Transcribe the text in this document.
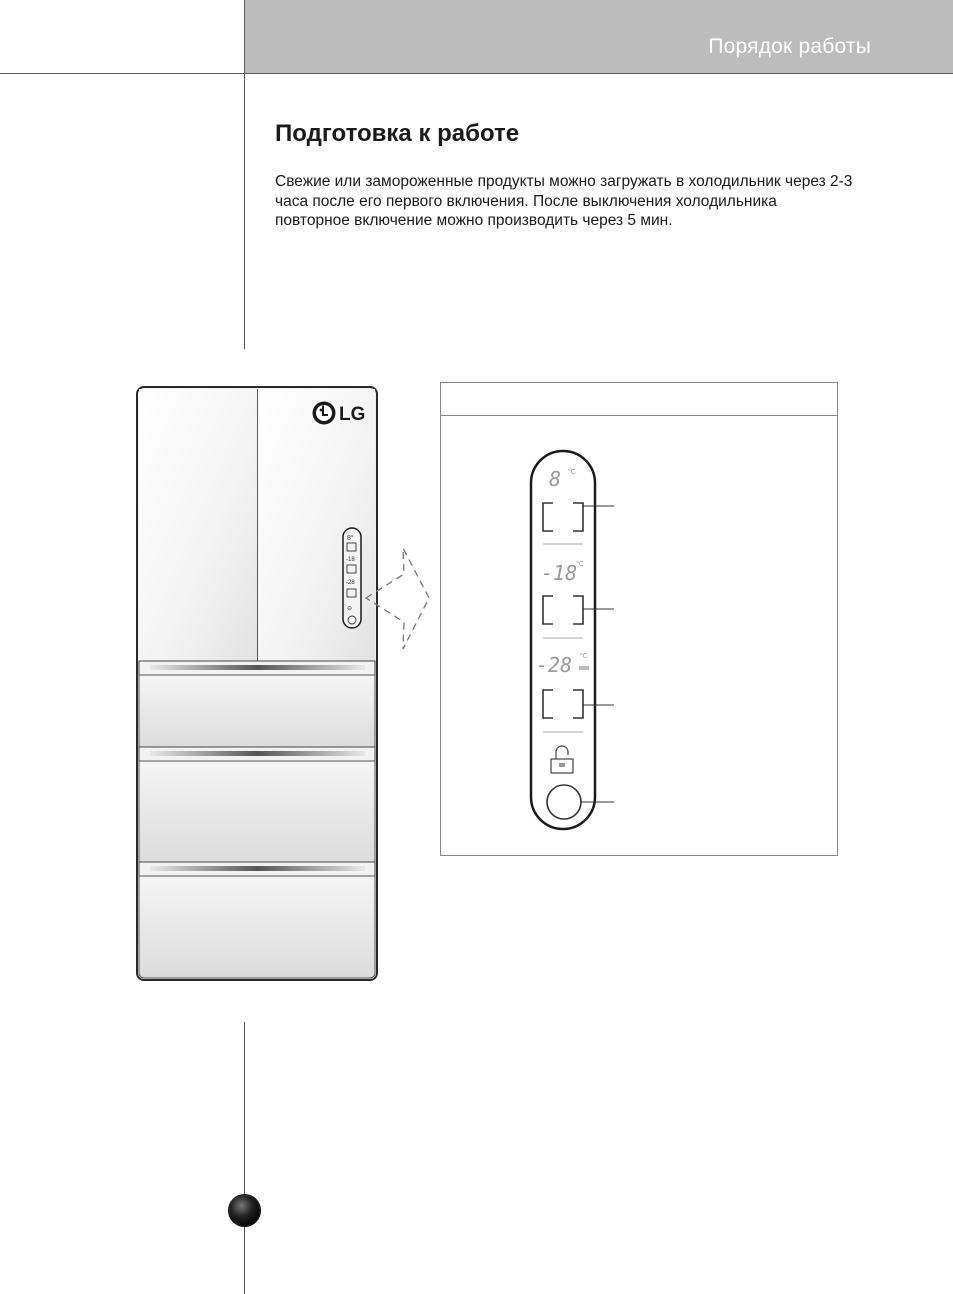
Порядок работы
Подготовка к работе

Свежие или замороженные продукты можно загружать в холодильник через 2-3 часа после его первого включения. После выключения холодильника повторное включение можно производить через 5 мин.

LG
8°
-18
-28
⊖
8 °C
-18
°C
-28 °C
